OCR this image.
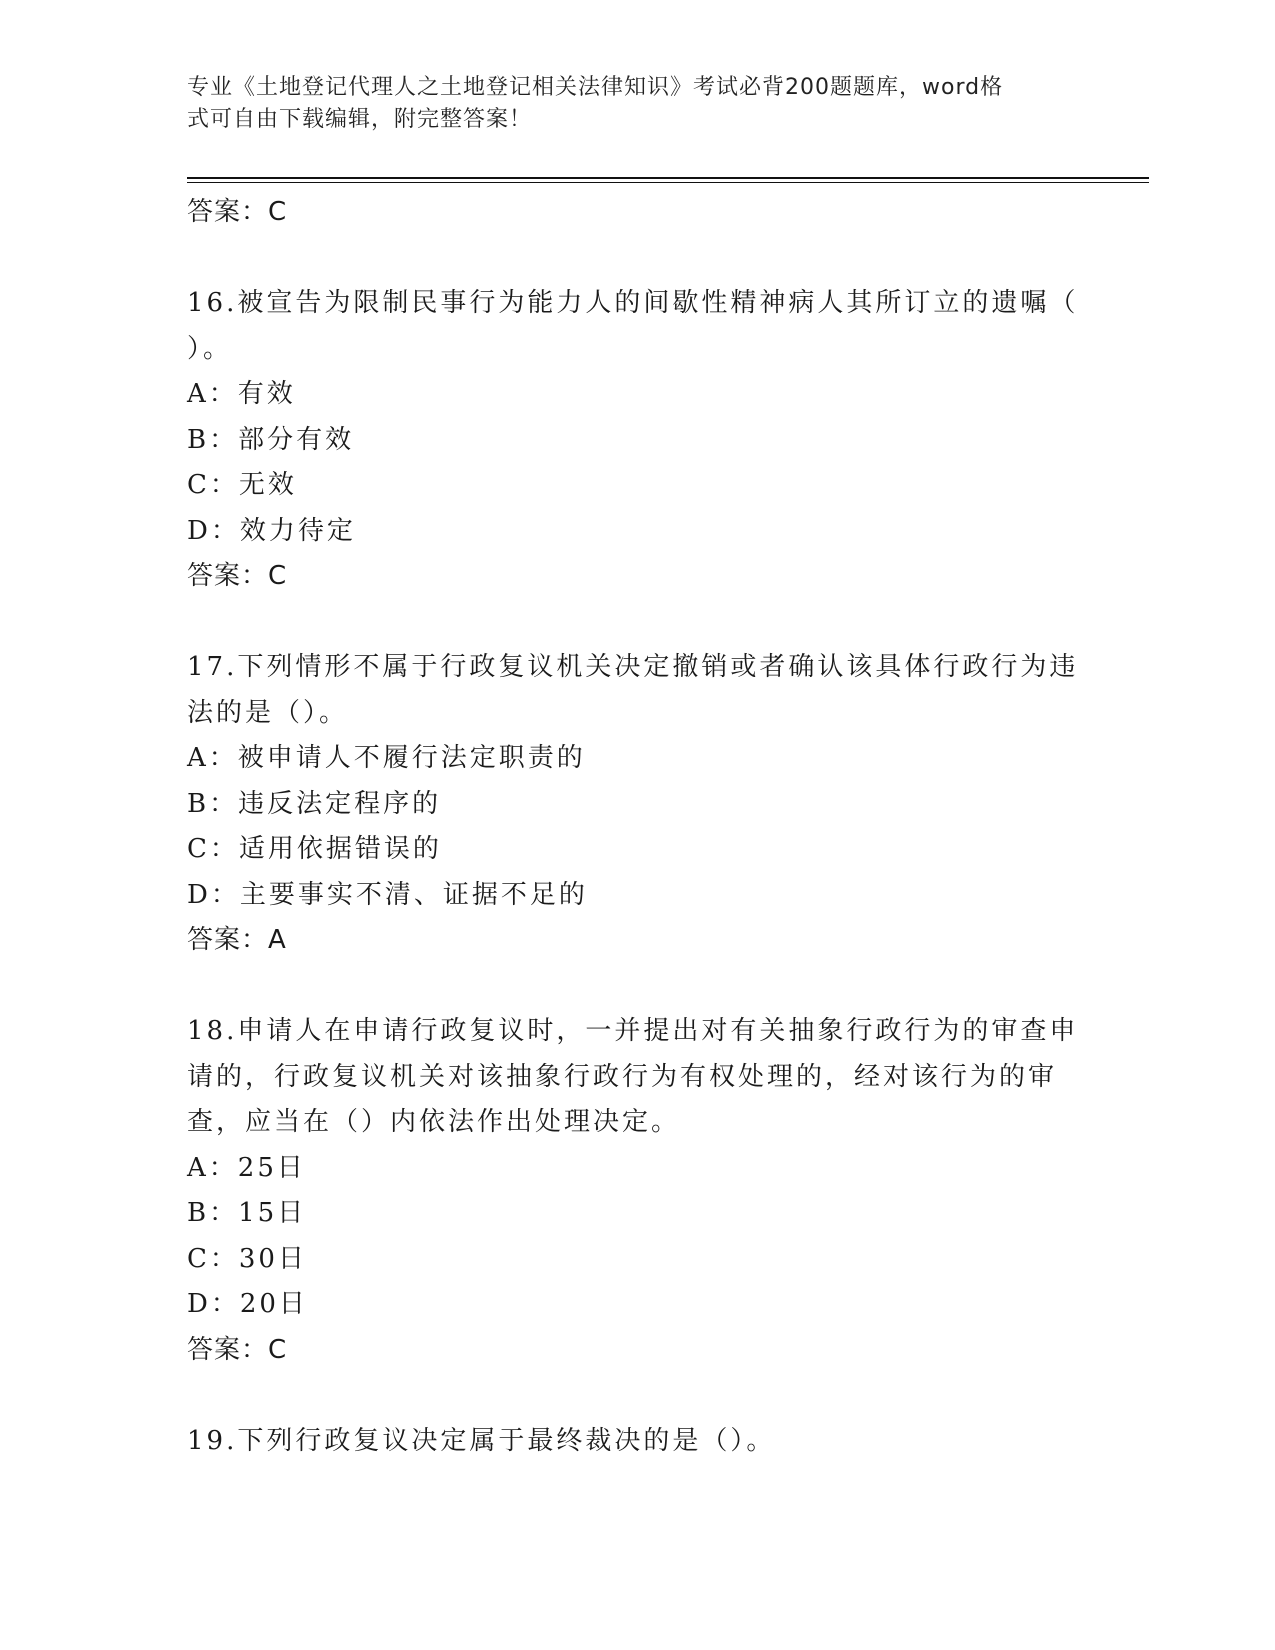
专业《土地登记代理人之土地登记相关法律知识》考试必背200题题库，word格
式可自由下载编辑，附完整答案！
答案：C
16.被宣告为限制民事行为能力人的间歇性精神病人其所订立的遗嘱（
）。
A：有效
B：部分有效
C：无效
D：效力待定
答案：C
17.下列情形不属于行政复议机关决定撤销或者确认该具体行政行为违
法的是（）。
A：被申请人不履行法定职责的
B：违反法定程序的
C：适用依据错误的
D：主要事实不清、证据不足的
答案：A
18.申请人在申请行政复议时，一并提出对有关抽象行政行为的审查申
请的，行政复议机关对该抽象行政行为有权处理的，经对该行为的审
查，应当在（）内依法作出处理决定。
A：25日
B：15日
C：30日
D：20日
答案：C
19.下列行政复议决定属于最终裁决的是（）。
